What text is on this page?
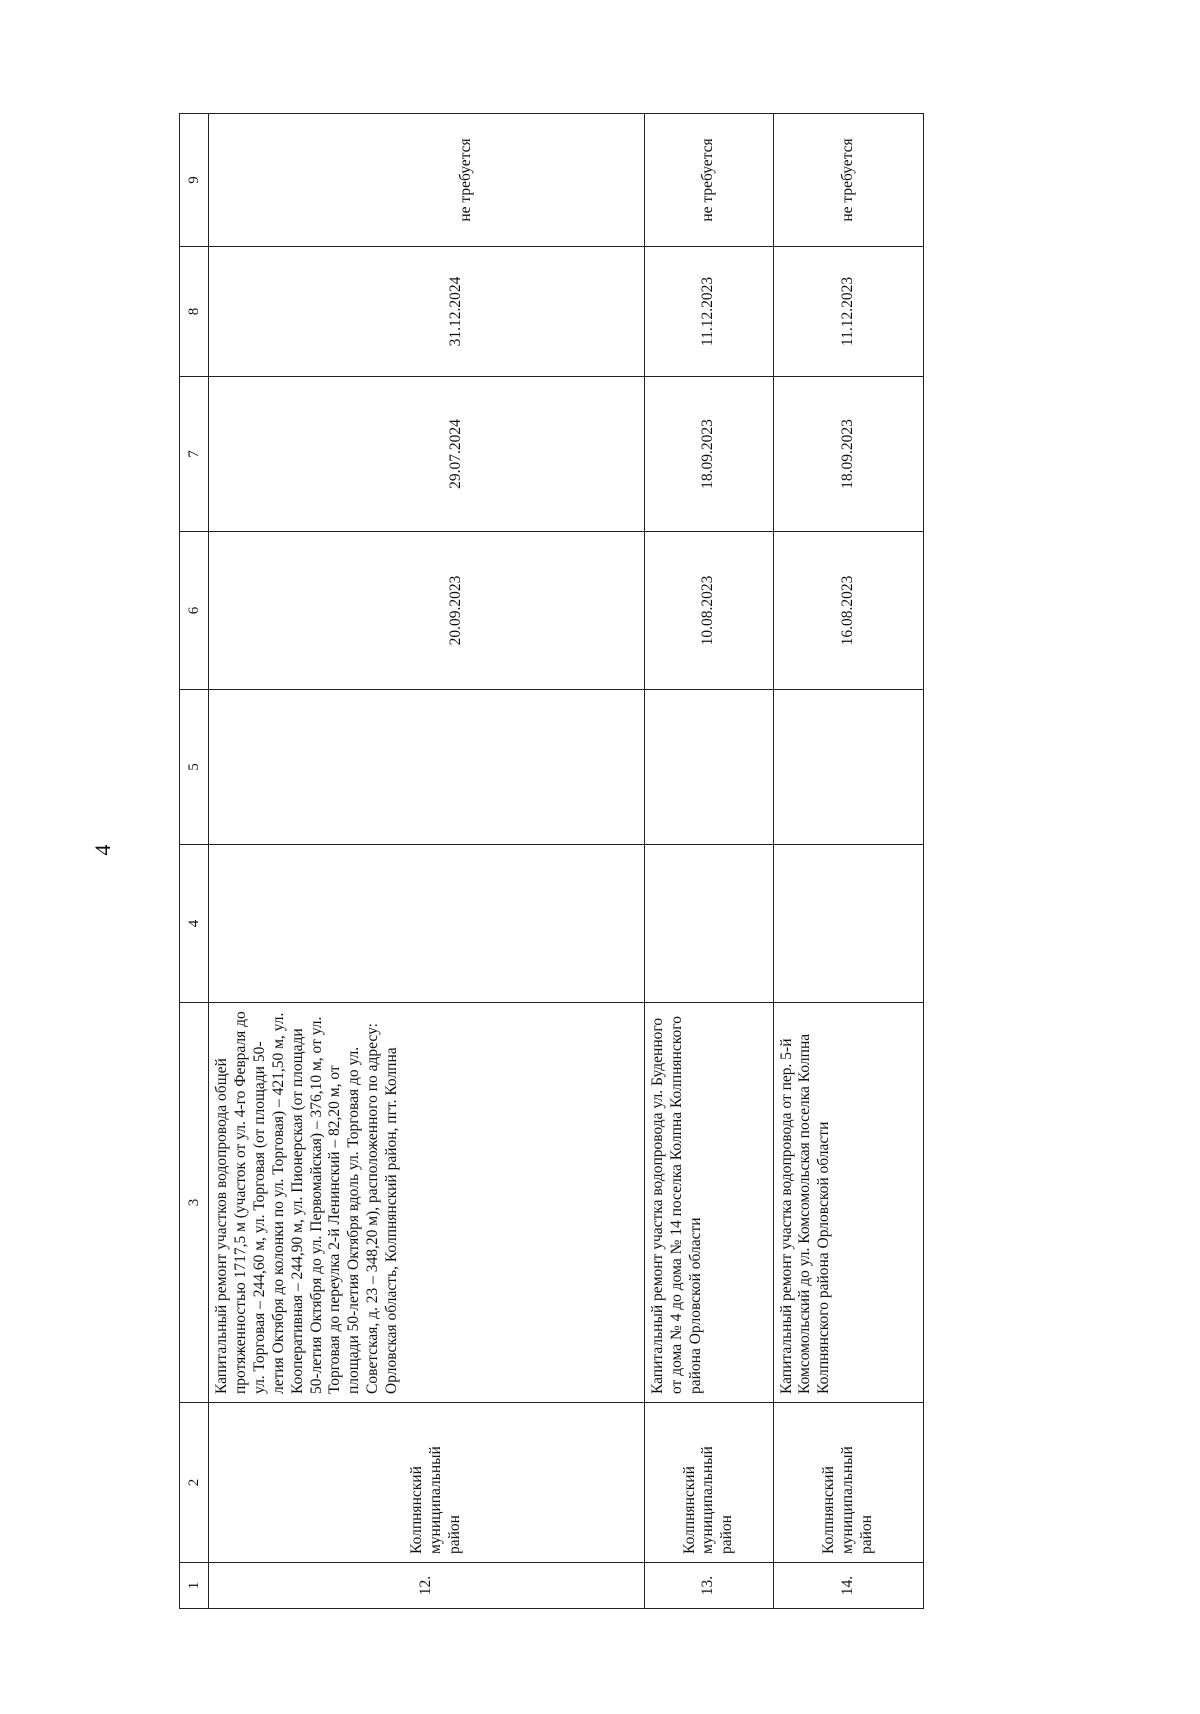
4
1	2	3	4	5	6	7	8	9
12.	Колпнянский муниципальный район	Капитальный ремонт участков водопровода общей протяженностью 1717,5 м (участок от ул. 4-го Февраля до ул. Торговая – 244,60 м, ул. Торговая (от площади 50-летия Октября до колонки по ул. Торговая) – 421,50 м, ул. Кооперативная – 244,90 м, ул. Пионерская (от площади 50-летия Октября до ул. Первомайская) – 376,10 м, от ул. Торговая до переулка 2-й Ленинский – 82,20 м, от площади 50-летия Октября вдоль ул. Торговая до ул. Советская, д. 23 – 348,20 м), расположенного по адресу: Орловская область, Колпнянский район, пгт. Колпна			20.09.2023	29.07.2024	31.12.2024	не требуется

13.	Колпнянский муниципальный район	Капитальный ремонт участка водопровода ул. Буденного от дома № 4 до дома № 14 поселка Колпна Колпнянского района Орловской области			10.08.2023	18.09.2023	11.12.2023	не требуется
14.	Колпнянский муниципальный район	Капитальный ремонт участка водопровода от пер. 5-й Комсомольский до ул. Комсомольская поселка Колпна Колпнянского района Орловской области			16.08.2023	18.09.2023	11.12.2023	не требуется
